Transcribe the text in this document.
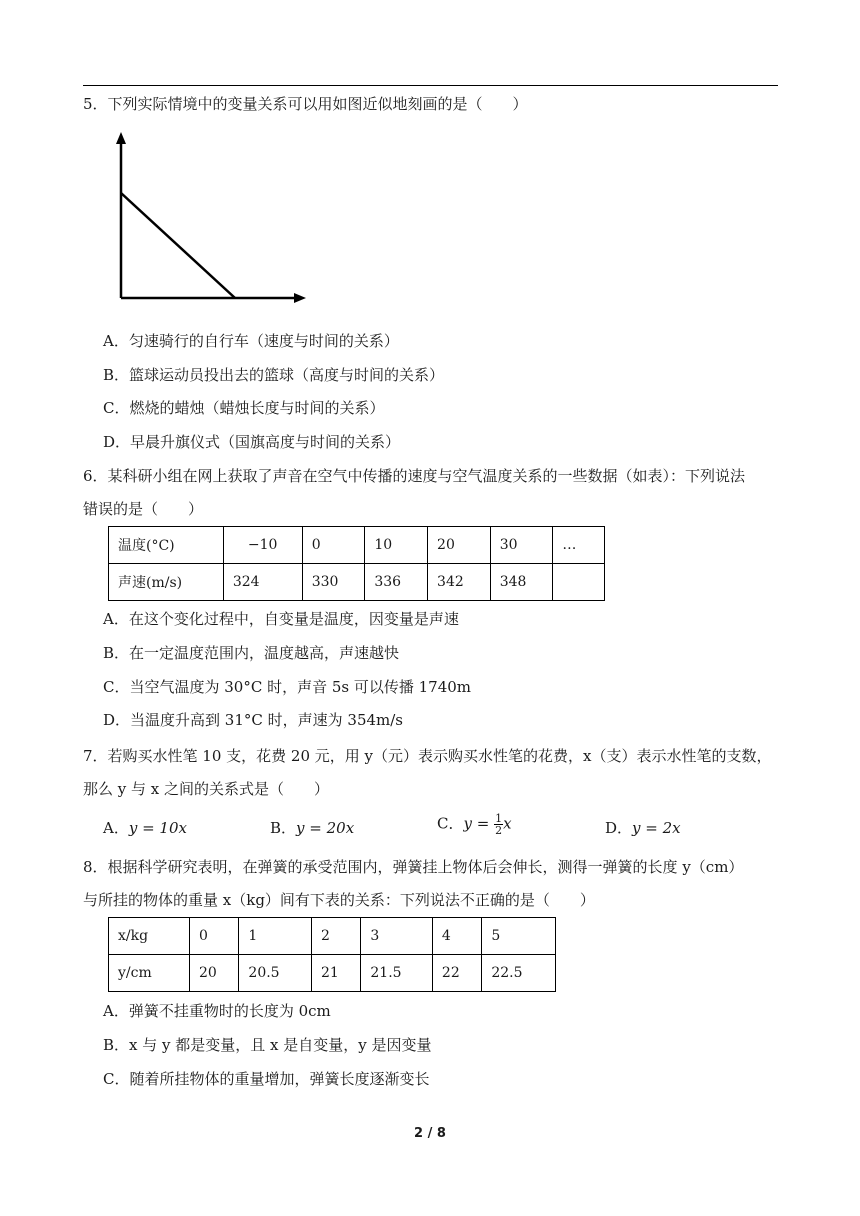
5．下列实际情境中的变量关系可以用如图近似地刻画的是（　　）
A．匀速骑行的自行车（速度与时间的关系）
B．篮球运动员投出去的篮球（高度与时间的关系）
C．燃烧的蜡烛（蜡烛长度与时间的关系）
D．早晨升旗仪式（国旗高度与时间的关系）
6．某科研小组在网上获取了声音在空气中传播的速度与空气温度关系的一些数据（如表）：下列说法
错误的是（　　）
温度(°C)	−10	0	10	20	30	…
声速(m/s)	324	330	336	342	348	
A．在这个变化过程中，自变量是温度，因变量是声速
B．在一定温度范围内，温度越高，声速越快
C．当空气温度为 30°C 时，声音 5s 可以传播 1740m
D．当温度升高到 31°C 时，声速为 354m/s
7．若购买水性笔 10 支，花费 20 元，用 y（元）表示购买水性笔的花费，x（支）表示水性笔的支数，
那么 y 与 x 之间的关系式是（　　）
A．y = 10x	B．y = 20x	C．$y = \frac{1}{2}$ x	D．y = 2x
8．根据科学研究表明，在弹簧的承受范围内，弹簧挂上物体后会伸长，测得一弹簧的长度 y（cm）
与所挂的物体的重量 x（kg）间有下表的关系：下列说法不正确的是（　　）
x/kg	0	1	2	3	4	5
y/cm	20	20.5	21	21.5	22	22.5
A．弹簧不挂重物时的长度为 0cm
B．x 与 y 都是变量，且 x 是自变量，y 是因变量
C．随着所挂物体的重量增加，弹簧长度逐渐变长
2 / 8
